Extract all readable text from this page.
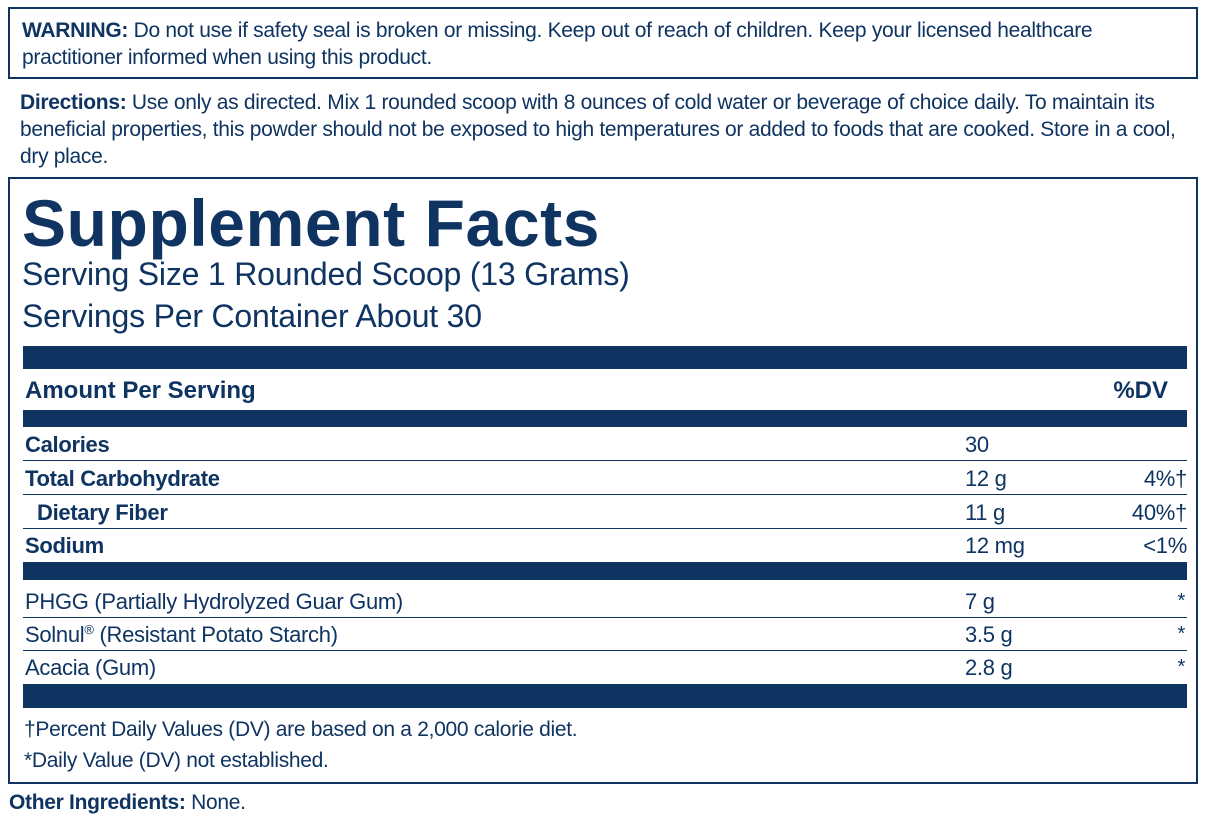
WARNING: Do not use if safety seal is broken or missing. Keep out of reach of children. Keep your licensed healthcare practitioner informed when using this product.
Directions: Use only as directed. Mix 1 rounded scoop with 8 ounces of cold water or beverage of choice daily. To maintain its beneficial properties, this powder should not be exposed to high temperatures or added to foods that are cooked. Store in a cool, dry place.
Supplement Facts
Serving Size 1 Rounded Scoop (13 Grams)
Servings Per Container About 30
Amount Per Serving	%DV
Calories	30
Total Carbohydrate	12 g	4%†
Dietary Fiber	11 g	40%†
Sodium	12 mg	<1%
PHGG (Partially Hydrolyzed Guar Gum)	7 g	*
Solnul® (Resistant Potato Starch)	3.5 g	*
Acacia (Gum)	2.8 g	*
†Percent Daily Values (DV) are based on a 2,000 calorie diet.
*Daily Value (DV) not established.
Other Ingredients: None.
